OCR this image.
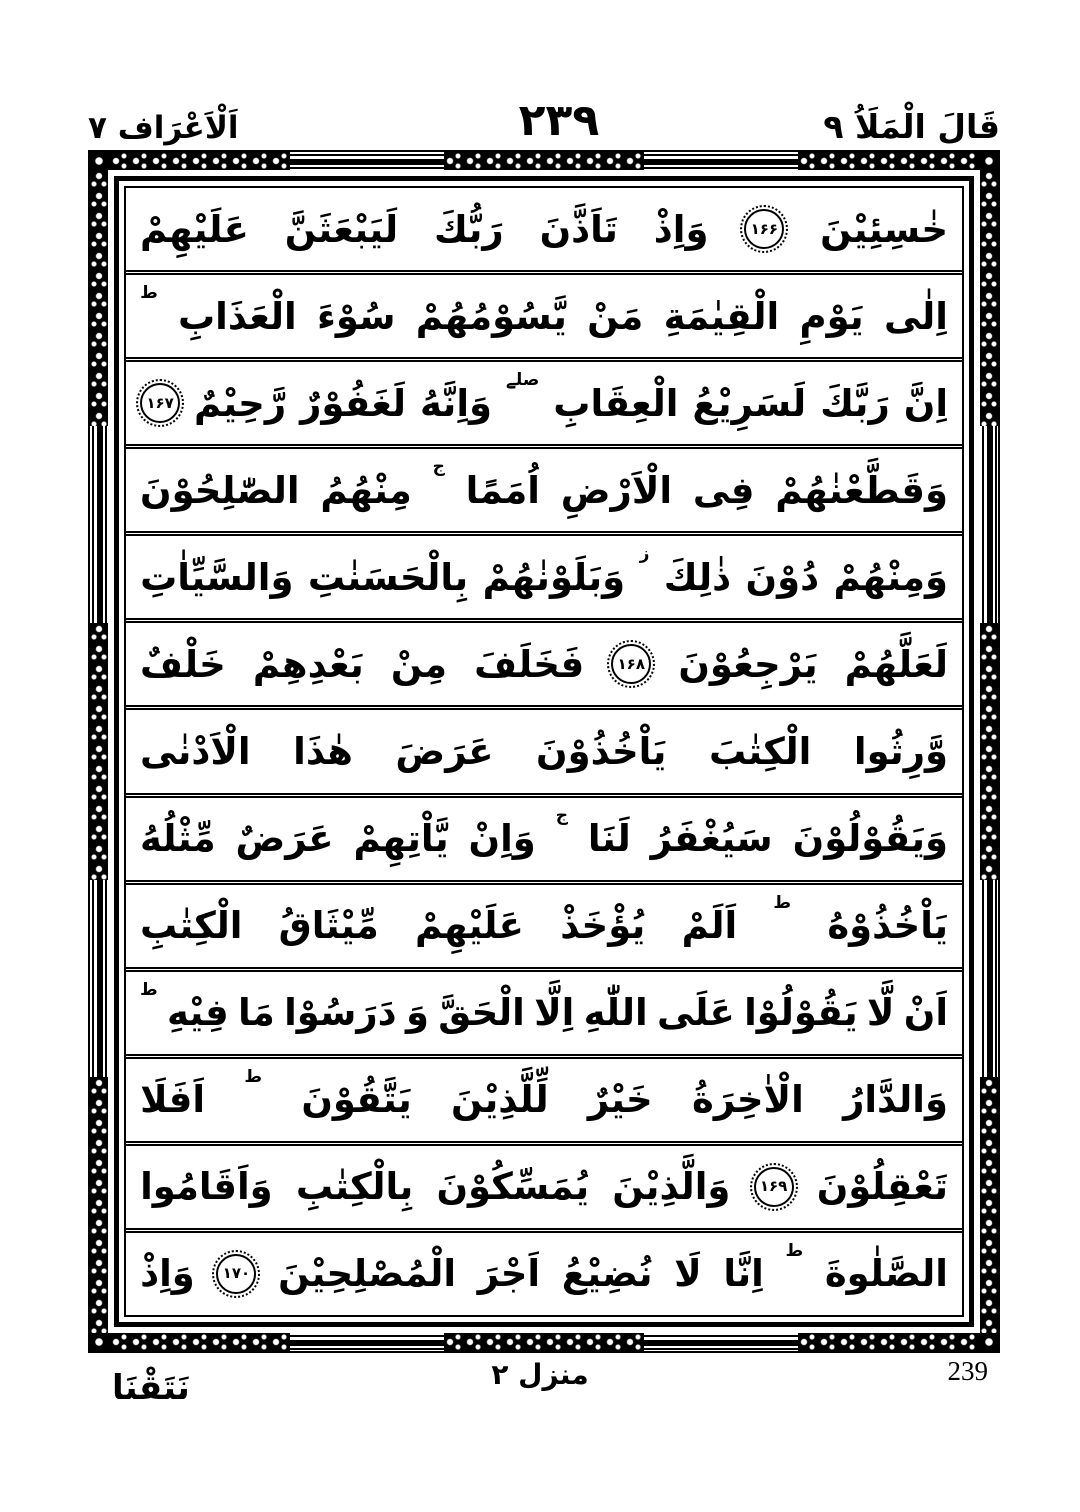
قَالَ الْمَلَاُ ۹
۲۳۹
اَلْاَعْرَاف ۷
خٰسِئِيْنَ
۱۶۶
وَاِذْ
تَاَذَّنَ
رَبُّكَ
لَيَبْعَثَنَّ
عَلَيْهِمْ
اِلٰى
يَوْمِ
الْقِيٰمَةِ
مَنْ
يَّسُوْمُهُمْ
سُوْءَ
الْعَذَابِ
ط
اِنَّ
رَبَّكَ
لَسَرِيْعُ
الْعِقَابِ
صلے
وَاِنَّهُ
لَغَفُوْرٌ
رَّحِيْمٌ
۱۶۷
وَقَطَّعْنٰهُمْ
فِى
الْاَرْضِ
اُمَمًا
ج
مِنْهُمُ
الصّٰلِحُوْنَ
وَمِنْهُمْ
دُوْنَ
ذٰلِكَ
ز
وَبَلَوْنٰهُمْ
بِالْحَسَنٰتِ
وَالسَّيِّاٰتِ
لَعَلَّهُمْ
يَرْجِعُوْنَ
۱۶۸
فَخَلَفَ
مِنْ
بَعْدِهِمْ
خَلْفٌ
وَّرِثُوا
الْكِتٰبَ
يَاْخُذُوْنَ
عَرَضَ
هٰذَا
الْاَدْنٰى
وَيَقُوْلُوْنَ
سَيُغْفَرُ
لَنَا
ج
وَاِنْ
يَّاْتِهِمْ
عَرَضٌ
مِّثْلُهُ
يَاْخُذُوْهُ
ط
اَلَمْ
يُؤْخَذْ
عَلَيْهِمْ
مِّيْثَاقُ
الْكِتٰبِ
اَنْ
لَّا
يَقُوْلُوْا
عَلَى
اللّٰهِ
اِلَّا
الْحَقَّ
وَ
دَرَسُوْا
مَا
فِيْهِ
ط
وَالدَّارُ
الْاٰخِرَةُ
خَيْرٌ
لِّلَّذِيْنَ
يَتَّقُوْنَ
ط
اَفَلَا
تَعْقِلُوْنَ
۱۶۹
وَالَّذِيْنَ
يُمَسِّكُوْنَ
بِالْكِتٰبِ
وَاَقَامُوا
الصَّلٰوةَ
ط
اِنَّا
لَا
نُضِيْعُ
اَجْرَ
الْمُصْلِحِيْنَ
۱۷۰
وَاِذْ
منزل ۲
نَتَقْنَا	239
